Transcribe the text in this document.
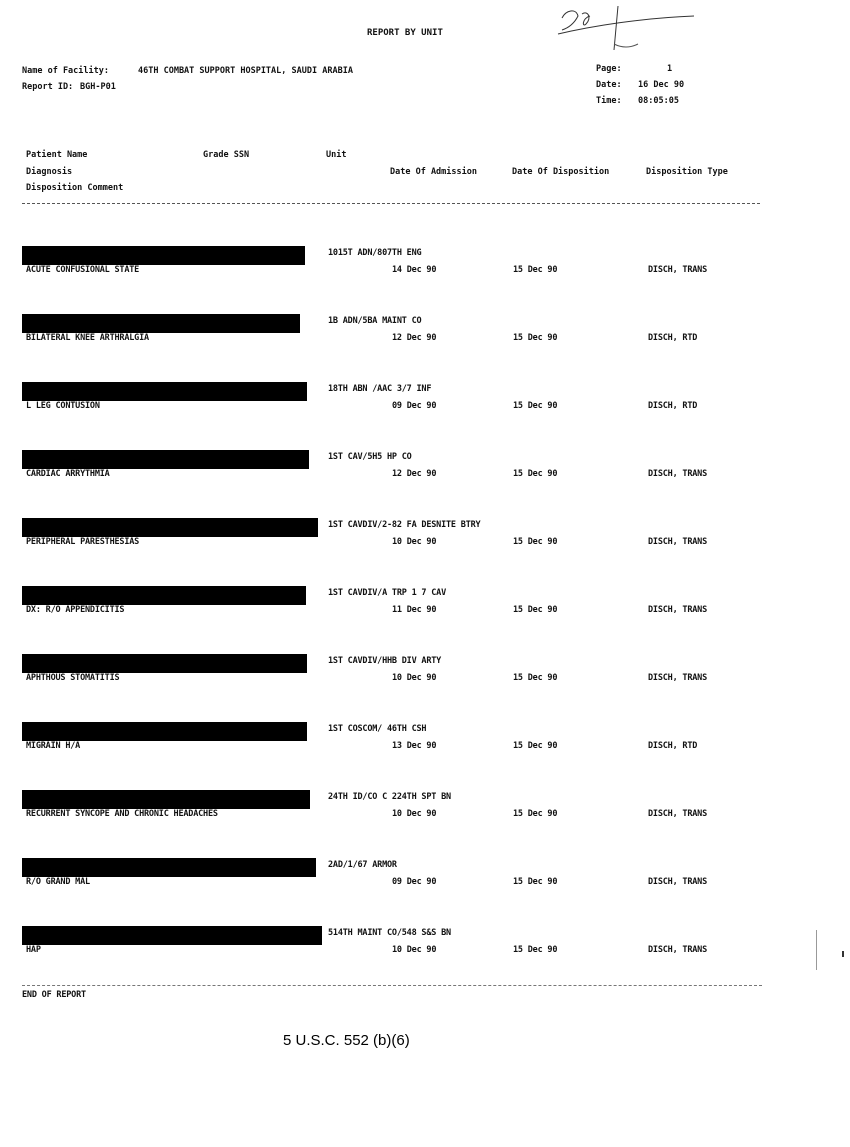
REPORT BY UNIT
Name of Facility:	46TH COMBAT SUPPORT HOSPITAL, SAUDI ARABIA
Report ID: BGH-P01
Page:	1
Date: 16 Dec 90
Time: 08:05:05
Patient Name	Grade SSN	Unit
Diagnosis	Date Of Admission	Date Of Disposition	Disposition Type
Disposition Comment
1015T ADN/807TH ENG
ACUTE CONFUSIONAL STATE	14 Dec 90	15 Dec 90	DISCH, TRANS
1B ADN/5BA MAINT CO
BILATERAL KNEE ARTHRALGIA	12 Dec 90	15 Dec 90	DISCH, RTD
18TH ABN /AAC 3/7 INF
L LEG CONTUSION	09 Dec 90	15 Dec 90	DISCH, RTD
1ST CAV/5H5 HP CO
CARDIAC ARRYTHMIA	12 Dec 90	15 Dec 90	DISCH, TRANS
1ST CAVDIV/2-82 FA DESNITE BTRY
PERIPHERAL PARESTHESIAS	10 Dec 90	15 Dec 90	DISCH, TRANS
1ST CAVDIV/A TRP 1 7 CAV
DX: R/O APPENDICITIS	11 Dec 90	15 Dec 90	DISCH, TRANS
1ST CAVDIV/HHB DIV ARTY
APHTHOUS STOMATITIS	10 Dec 90	15 Dec 90	DISCH, TRANS
1ST COSCOM/ 46TH CSH
MIGRAIN H/A	13 Dec 90	15 Dec 90	DISCH, RTD
24TH ID/CO C 224TH SPT BN
RECURRENT SYNCOPE AND CHRONIC HEADACHES	10 Dec 90	15 Dec 90	DISCH, TRANS
2AD/1/67 ARMOR
R/O GRAND MAL	09 Dec 90	15 Dec 90	DISCH, TRANS
514TH MAINT CO/548 S&S BN
HAP	10 Dec 90	15 Dec 90	DISCH, TRANS
END OF REPORT
5 U.S.C. 552 (b)(6)
